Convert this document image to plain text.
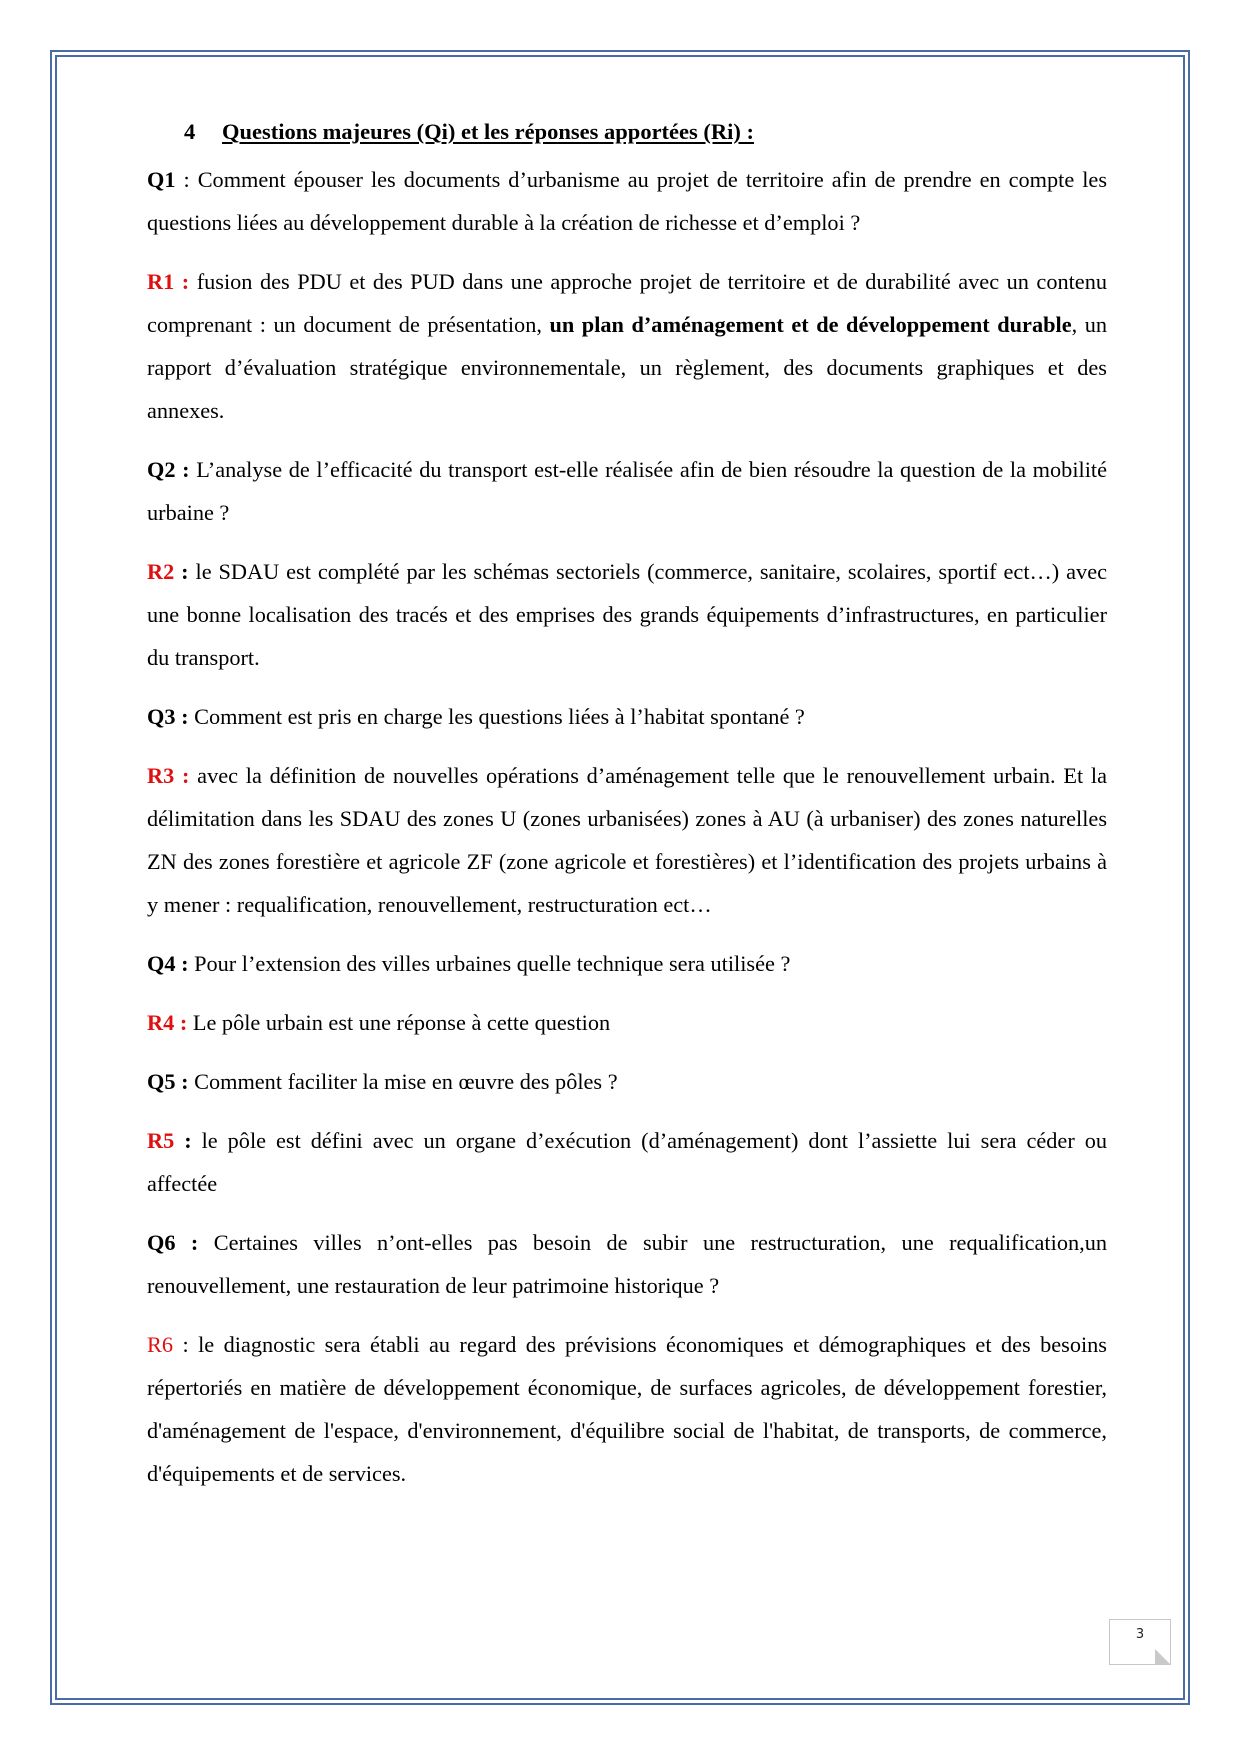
4 Questions majeures (Qi) et les réponses apportées (Ri) :

Q1 : Comment épouser les documents d’urbanisme au projet de territoire afin de prendre en compte les questions liées au développement durable à la création de richesse et d’emploi ?

R1 : fusion des PDU et des PUD dans une approche projet de territoire et de durabilité avec un contenu comprenant : un document de présentation, un plan d’aménagement et de développement durable, un rapport d’évaluation stratégique environnementale, un règlement, des documents graphiques et des annexes.

Q2 : L’analyse de l’efficacité du transport est-elle réalisée afin de bien résoudre la question de la mobilité urbaine ?

R2 : le SDAU est complété par les schémas sectoriels (commerce, sanitaire, scolaires, sportif ect…) avec une bonne localisation des tracés et des emprises des grands équipements d’infrastructures, en particulier du transport.

Q3 : Comment est pris en charge les questions liées à l’habitat spontané ?

R3 : avec la définition de nouvelles opérations d’aménagement telle que le renouvellement urbain. Et la délimitation dans les SDAU des zones U (zones urbanisées) zones à AU (à urbaniser) des zones naturelles ZN des zones forestière et agricole ZF (zone agricole et forestières) et l’identification des projets urbains à y mener : requalification, renouvellement, restructuration ect…

Q4 : Pour l’extension des villes urbaines quelle technique sera utilisée ?

R4 : Le pôle urbain est une réponse à cette question

Q5 : Comment faciliter la mise en œuvre des pôles ?

R5 : le pôle est défini avec un organe d’exécution (d’aménagement) dont l’assiette lui sera céder ou affectée

Q6 : Certaines villes n’ont-elles pas besoin de subir une restructuration, une requalification,un renouvellement, une restauration de leur patrimoine historique ?

R6 : le diagnostic sera établi au regard des prévisions économiques et démographiques et des besoins répertoriés en matière de développement économique, de surfaces agricoles, de développement forestier, d'aménagement de l'espace, d'environnement, d'équilibre social de l'habitat, de transports, de commerce, d'équipements et de services.

3
